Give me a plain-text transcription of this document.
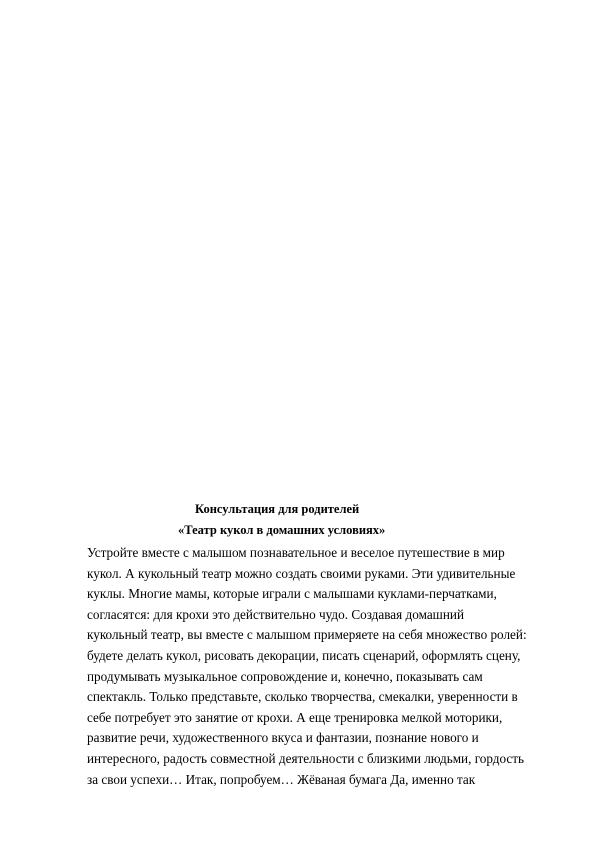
Консультация для родителей
«Театр кукол в домашних условиях»

Устройте вместе с малышом познавательное и веселое путешествие в мир
кукол. А кукольный театр можно создать своими руками. Эти удивительные
куклы. Многие мамы, которые играли с малышами куклами-перчатками,
согласятся: для крохи это действительно чудо. Создавая домашний
кукольный театр, вы вместе с малышом примеряете на себя множество ролей:
будете делать кукол, рисовать декорации, писать сценарий, оформлять сцену,
продумывать музыкальное сопровождение и, конечно, показывать сам
спектакль. Только представьте, сколько творчества, смекалки, уверенности в
себе потребует это занятие от крохи. А еще тренировка мелкой моторики,
развитие речи, художественного вкуса и фантазии, познание нового и
интересного, радость совместной деятельности с близкими людьми, гордость
за свои успехи… Итак, попробуем… Жёваная бумага Да, именно так
